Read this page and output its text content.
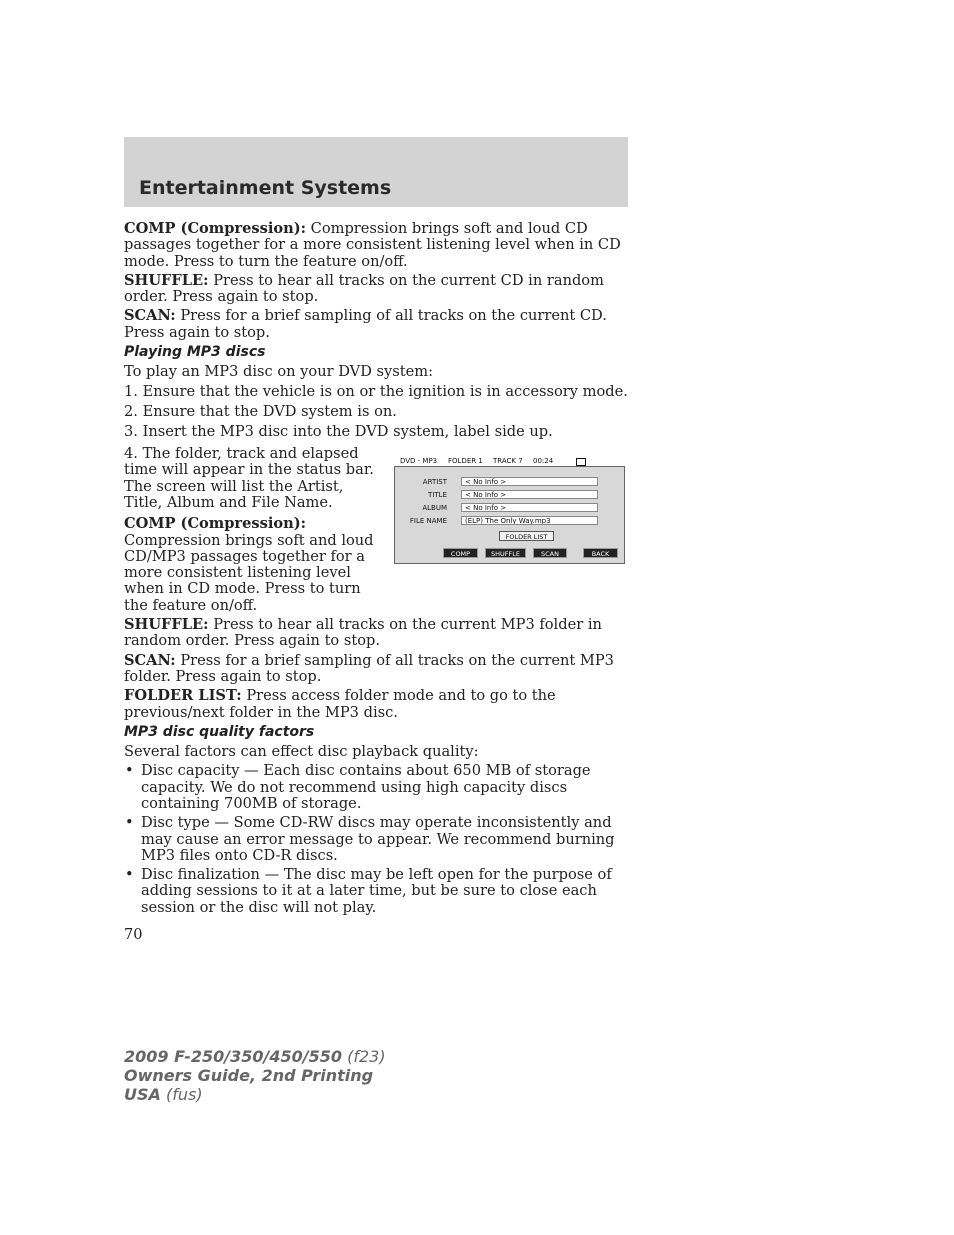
Entertainment Systems

COMP (Compression): Compression brings soft and loud CD passages together for a more consistent listening level when in CD mode. Press to turn the feature on/off.

SHUFFLE: Press to hear all tracks on the current CD in random order. Press again to stop.

SCAN: Press for a brief sampling of all tracks on the current CD. Press again to stop.

Playing MP3 discs

To play an MP3 disc on your DVD system:

1. Ensure that the vehicle is on or the ignition is in accessory mode.

2. Ensure that the DVD system is on.

3. Insert the MP3 disc into the DVD system, label side up.

4. The folder, track and elapsed time will appear in the status bar. The screen will list the Artist, Title, Album and File Name.

COMP (Compression):
Compression brings soft and loud CD/MP3 passages together for a more consistent listening level when in CD mode. Press to turn the feature on/off.

SHUFFLE: Press to hear all tracks on the current MP3 folder in random order. Press again to stop.

SCAN: Press for a brief sampling of all tracks on the current MP3 folder. Press again to stop.

FOLDER LIST: Press access folder mode and to go to the previous/next folder in the MP3 disc.

MP3 disc quality factors

Several factors can effect disc playback quality:

• Disc capacity — Each disc contains about 650 MB of storage capacity. We do not recommend using high capacity discs containing 700MB of storage.
• Disc type — Some CD-RW discs may operate inconsistently and may cause an error message to appear. We recommend burning MP3 files onto CD-R discs.
• Disc finalization — The disc may be left open for the purpose of adding sessions to it at a later time, but be sure to close each session or the disc will not play.
DVD - MP3 FOLDER 1 TRACK 7 00:24
ARTIST	< No Info >
TITLE	< No Info >
ALBUM	< No Info >
FILE NAME	(ELP) The Only Way.mp3
FOLDER LIST
COMP	SHUFFLE	SCAN	BACK
70
2009 F-250/350/450/550 (f23)
Owners Guide, 2nd Printing
USA (fus)
